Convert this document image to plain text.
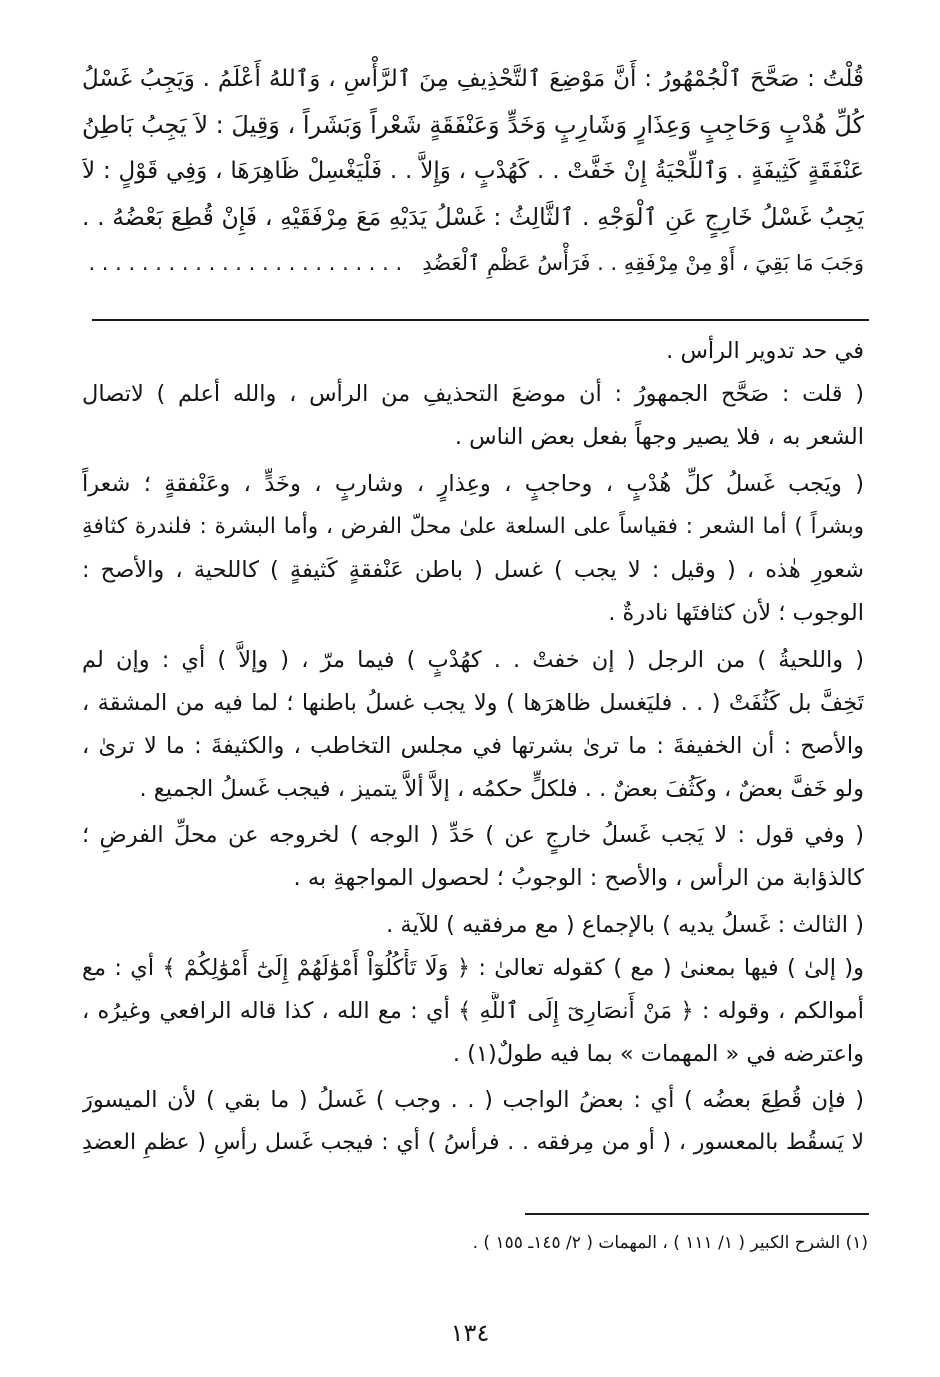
قُلْتُ : صَحَّحَ ٱلْجُمْهُورُ : أَنَّ مَوْضِعَ ٱلتَّحْذِيفِ مِنَ ٱلرَّأْسِ ، وَٱللهُ أَعْلَمُ . وَيَجِبُ غَسْلُ

كُلِّ هُدْبٍ وَحَاجِبٍ وَعِذَارٍ وَشَارِبٍ وَخَدٍّ وَعَنْفَقَةٍ شَعْراً وَبَشَراً ، وَقِيلَ : لاَ يَجِبُ بَاطِنُ

عَنْفَقَةٍ كَثِيفَةٍ . وَٱللِّحْيَةُ إِنْ خَفَّتْ . . كَهُدْبٍ ، وَإِلاَّ . . فَلْيَغْسِلْ ظَاهِرَهَا ، وَفِي قَوْلٍ : لاَ

يَجِبُ غَسْلُ خَارِجٍ عَنِ ٱلْوَجْهِ . ٱلثَّالِثُ : غَسْلُ يَدَيْهِ مَعَ مِرْفَقَيْهِ ، فَإِنْ قُطِعَ بَعْضُهُ . .

وَجَبَ مَا بَقِيَ ، أَوْ مِنْ مِرْفَقِهِ . . فَرَأْسُ عَظْمِ ٱلْعَضُدِ   . . . . . . . . . . . . . . . . . . . . . . . .

في حد تدوير الرأس .
( قلت : صَحَّح الجمهورُ : أن موضعَ التحذيفِ من الرأس ، والله أعلم ) لاتصال
الشعر به ، فلا يصير وجهاً بفعل بعض الناس .
( ويَجب غَسلُ كلِّ هُدْبٍ ، وحاجبٍ ، وعِذارٍ ، وشاربٍ ، وخَدٍّ ، وعَنْفقةٍ ؛ شعراً
وبشراً ) أما الشعر : فقياساً على السلعة علىٰ محلّ الفرض ، وأما البشرة : فلندرة كثافةِ
شعورِ هٰذه ، ( وقيل : لا يجب ) غسل ( باطن عَنْفقةٍ كَثيفةٍ ) كاللحية ، والأصح :
الوجوب ؛ لأن كثافتَها نادرةٌ .
( واللحيةُ ) من الرجل ( إن خفتْ . . كهُدْبٍ ) فيما مرّ ، ( وإلاَّ ) أي : وإن لم
تَخِفَّ بل كَثُفَتْ ( . . فليَغسل ظاهرَها ) ولا يجب غسلُ باطنها ؛ لما فيه من المشقة ،
والأصح : أن الخفيفةَ : ما ترىٰ بشرتها في مجلس التخاطب ، والكثيفةَ : ما لا ترىٰ ،
ولو خَفَّ بعضٌ ، وكَثُفَ بعضٌ . . فلكلٍّ حكمُه ، إلاَّ ألاَّ يتميز ، فيجب غَسلُ الجميع .
( وفي قول : لا يَجب غَسلُ خارجٍ عن ) حَدِّ ( الوجه ) لخروجه عن محلِّ الفرضِ ؛
كالذؤابة من الرأس ، والأصح : الوجوبُ ؛ لحصول المواجهةِ به .
( الثالث : غَسلُ يديه ) بالإجماع ( مع مرفقيه ) للآية .
و( إلىٰ ) فيها بمعنىٰ ( مع ) كقوله تعالىٰ : ﴿ وَلَا تَأْكُلُوٓاْ أَمْوَٰلَهُمْ إِلَىٰٓ أَمْوَٰلِكُمْ ﴾ أي : مع
أموالكم ، وقوله : ﴿ مَنْ أَنصَارِىٓ إِلَى ٱللَّهِ ﴾ أي : مع الله ، كذا قاله الرافعي وغيرُه ،
واعترضه في « المهمات » بما فيه طولٌ(١) .
( فإن قُطِعَ بعضُه ) أي : بعضُ الواجب ( . . وجب ) غَسلُ ( ما بقي ) لأن الميسورَ
لا يَسقُط بالمعسور ، ( أو من مِرفقه . . فرأسُ ) أي : فيجب غَسل رأسِ ( عظمِ العضدِ
(١) الشرح الكبير ( ١/ ١١١ ) ، المهمات ( ٢/ ١٤٥ـ ١٥٥ ) .
١٣٤
